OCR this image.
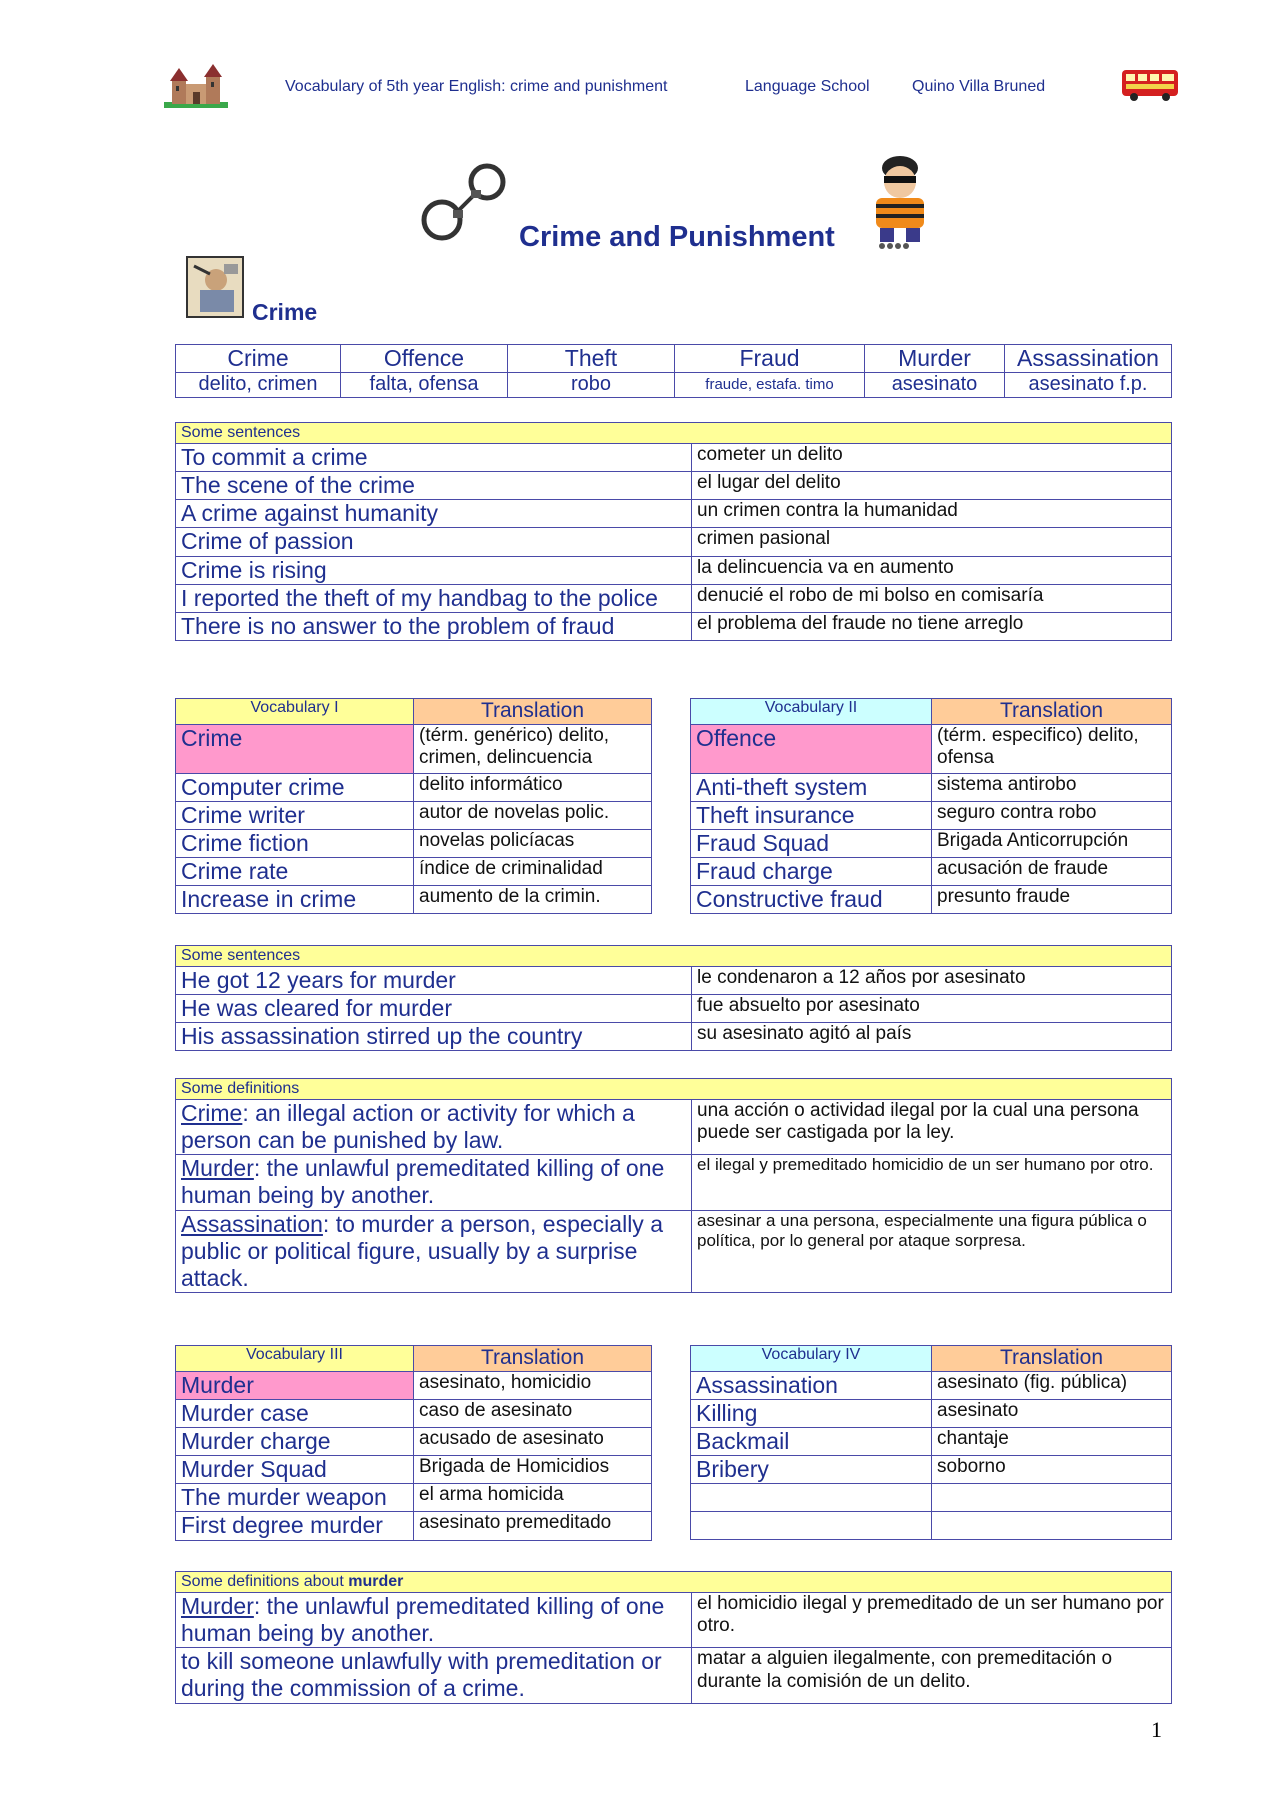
Vocabulary of 5th year English: crime and punishment	Language School	Quino Villa Bruned
Crime and Punishment
Crime
Crime	Offence	Theft	Fraud	Murder	Assassination
delito, crimen	falta, ofensa	robo	fraude, estafa. timo	asesinato	asesinato f.p.
Some sentences	
To commit a crime	cometer un delito
The scene of the crime	el lugar del delito
A crime against humanity	un crimen contra la humanidad
Crime of passion	crimen pasional
Crime is rising	la delincuencia va en aumento
I reported the theft of my handbag to the police	denucié el robo de mi bolso en comisaría
There is no answer to the problem of fraud	el problema del fraude no tiene arreglo
Vocabulary I	Translation
Crime	(térm. genérico) delito, crimen, delincuencia
Computer crime	delito informático
Crime writer	autor de novelas polic.
Crime fiction	novelas policíacas
Crime rate	índice de criminalidad
Increase in crime	aumento de la crimin.
Vocabulary II	Translation
Offence	(térm. especifico) delito, ofensa
Anti-theft system	sistema antirobo
Theft insurance	seguro contra robo
Fraud Squad	Brigada Anticorrupción
Fraud charge	acusación de fraude
Constructive fraud	presunto fraude
Some sentences	
He got 12 years for murder	le condenaron a 12 años por asesinato
He was cleared for murder	fue absuelto por asesinato
His assassination stirred up the country	su asesinato agitó al país
Some definitions	
Crime: an illegal action or activity for which a person can be punished by law.	una acción o actividad ilegal por la cual una persona puede ser castigada por la ley.
Murder: the unlawful premeditated killing of one human being by another.	el ilegal y premeditado homicidio de un ser humano por otro.
Assassination: to murder a person, especially a public or political figure, usually by a surprise attack.	asesinar a una persona, especialmente una figura pública o política, por lo general por ataque sorpresa.
Vocabulary III	Translation
Murder	asesinato, homicidio
Murder case	caso de asesinato
Murder charge	acusado de asesinato
Murder Squad	Brigada de Homicidios
The murder weapon	el arma homicida
First degree murder	asesinato premeditado
Vocabulary IV	Translation
Assassination	asesinato (fig. pública)
Killing	asesinato
Backmail	chantaje
Bribery	soborno

Some definitions about murder	
Murder: the unlawful premeditated killing of one human being by another.	el homicidio ilegal y premeditado de un ser humano por otro.
to kill someone unlawfully with premeditation or during the commission of a crime.	matar a alguien ilegalmente, con premeditación o durante la comisión de un delito.
1
